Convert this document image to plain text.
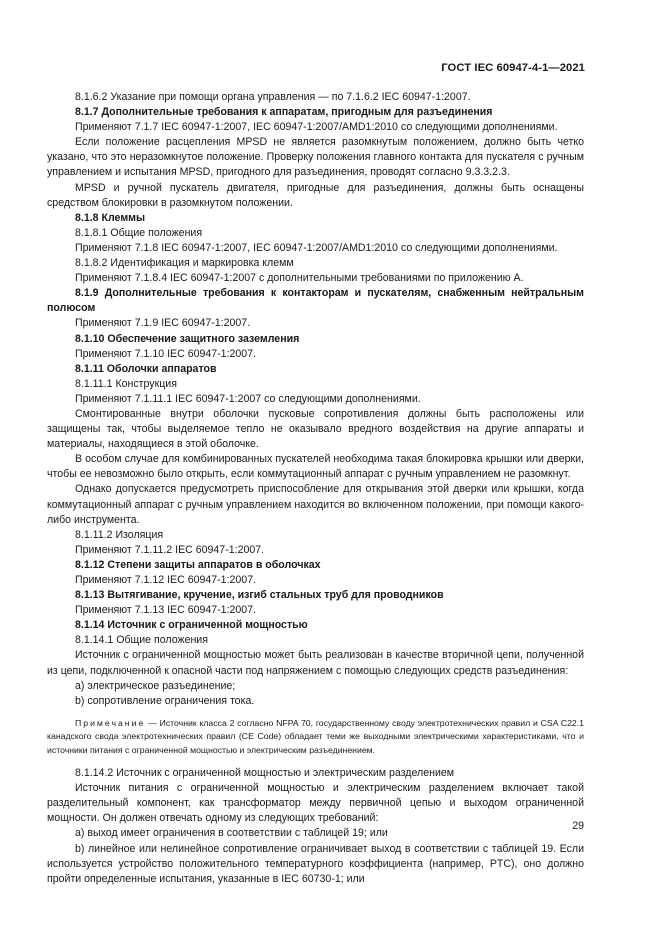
ГОСТ IEC 60947-4-1—2021

8.1.6.2 Указание при помощи органа управления — по 7.1.6.2 IEC 60947-1:2007.

8.1.7 Дополнительные требования к аппаратам, пригодным для разъединения

Применяют 7.1.7 IEC 60947-1:2007, IEC 60947-1:2007/AMD1:2010 со следующими дополнениями.

Если положение расцепления MPSD не является разомкнутым положением, должно быть четко указано, что это неразомкнутое положение. Проверку положения главного контакта для пускателя с ручным управлением и испытания MPSD, пригодного для разъединения, проводят согласно 9.3.3.2.3.

MPSD и ручной пускатель двигателя, пригодные для разъединения, должны быть оснащены средством блокировки в разомкнутом положении.

8.1.8 Клеммы

8.1.8.1 Общие положения

Применяют 7.1.8 IEC 60947-1:2007, IEC 60947-1:2007/AMD1:2010 со следующими дополнениями.

8.1.8.2 Идентификация и маркировка клемм

Применяют 7.1.8.4 IEC 60947-1:2007 с дополнительными требованиями по приложению А.

8.1.9 Дополнительные требования к контакторам и пускателям, снабженным нейтральным полюсом

Применяют 7.1.9 IEC 60947-1:2007.

8.1.10 Обеспечение защитного заземления

Применяют 7.1.10 IEC 60947-1:2007.

8.1.11 Оболочки аппаратов

8.1.11.1 Конструкция

Применяют 7.1.11.1 IEC 60947-1:2007 со следующими дополнениями.

Смонтированные внутри оболочки пусковые сопротивления должны быть расположены или защищены так, чтобы выделяемое тепло не оказывало вредного воздействия на другие аппараты и материалы, находящиеся в этой оболочке.

В особом случае для комбинированных пускателей необходима такая блокировка крышки или дверки, чтобы ее невозможно было открыть, если коммутационный аппарат с ручным управлением не разомкнут.

Однако допускается предусмотреть приспособление для открывания этой дверки или крышки, когда коммутационный аппарат с ручным управлением находится во включенном положении, при помощи какого-либо инструмента.

8.1.11.2 Изоляция

Применяют 7.1.11.2 IEC 60947-1:2007.

8.1.12 Степени защиты аппаратов в оболочках

Применяют 7.1.12 IEC 60947-1:2007.

8.1.13 Вытягивание, кручение, изгиб стальных труб для проводников

Применяют 7.1.13 IEC 60947-1:2007.

8.1.14 Источник с ограниченной мощностью

8.1.14.1 Общие положения

Источник с ограниченной мощностью может быть реализован в качестве вторичной цепи, полученной из цепи, подключенной к опасной части под напряжением с помощью следующих средств разъединения:

а) электрическое разъединение;

b) сопротивление ограничения тока.

Примечание — Источник класса 2 согласно NFPA 70, государственному своду электротехнических правил и CSA C22.1 канадского свода электротехнических правил (CE Code) обладает теми же выходными электрическими характеристиками, что и источники питания с ограниченной мощностью и электрическим разъединением.

8.1.14.2 Источник с ограниченной мощностью и электрическим разделением

Источник питания с ограниченной мощностью и электрическим разделением включает такой разделительный компонент, как трансформатор между первичной цепью и выходом ограниченной мощности. Он должен отвечать одному из следующих требований:

а) выход имеет ограничения в соответствии с таблицей 19; или

b) линейное или нелинейное сопротивление ограничивает выход в соответствии с таблицей 19. Если используется устройство положительного температурного коэффициента (например, PTC), оно должно пройти определенные испытания, указанные в IEC 60730-1; или

29
